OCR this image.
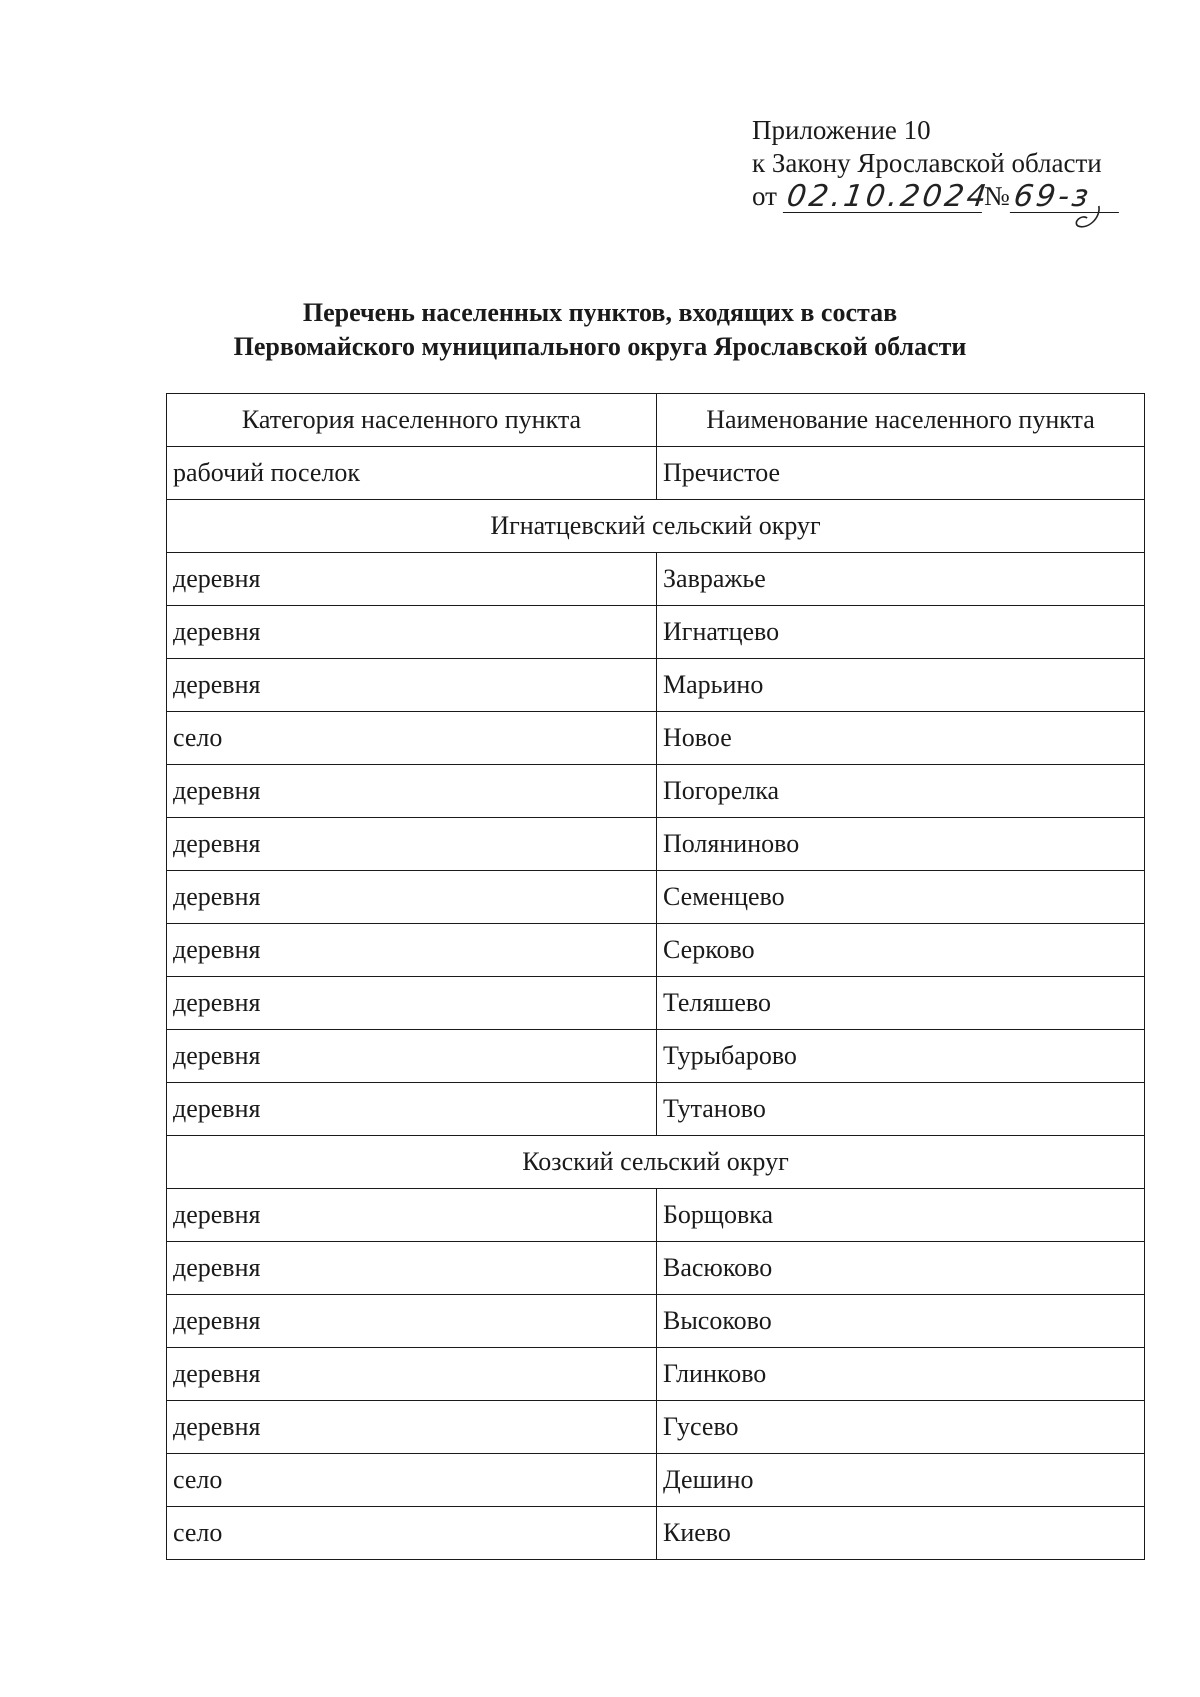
Приложение 10
к Закону Ярославской области
от 02.10.2024
№ 69-з
Перечень населенных пунктов, входящих в состав
Первомайского муниципального округа Ярославской области
Категория населенного пункта	Наименование населенного пункта
рабочий поселок	Пречистое
Игнатцевский сельский округ	
деревня	Завражье
деревня	Игнатцево
деревня	Марьино
село	Новое
деревня	Погорелка
деревня	Поляниново
деревня	Семенцево
деревня	Серково
деревня	Теляшево
деревня	Турыбарово
деревня	Тутаново
Козский сельский округ	
деревня	Борщовка
деревня	Васюково
деревня	Высоково
деревня	Глинково
деревня	Гусево
село	Дешино
село	Киево
